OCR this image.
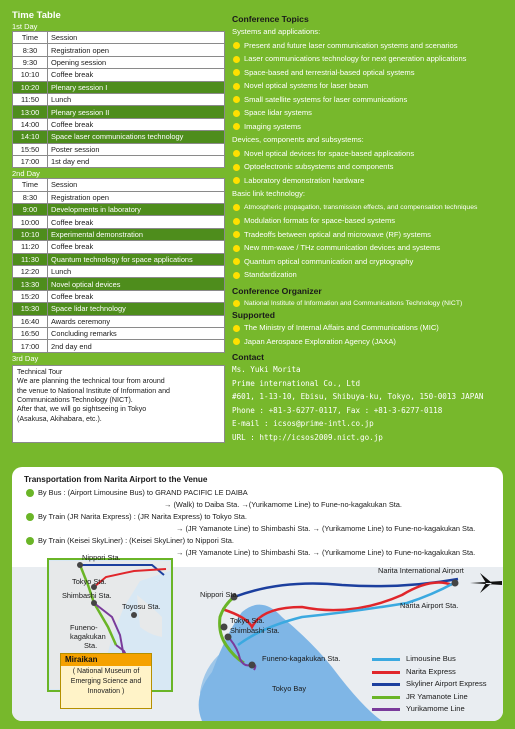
Time Table
1st Day
Time	Session
8:30	Registration open
9:30	Opening session
10:10	Coffee break
10:20	Plenary session I
11:50	Lunch
13:00	Plenary session II
14:00	Coffee break
14:10	Space laser communications technology
15:50	Poster session
17:00	1st day end
2nd Day
Time	Session
8:30	Registration open
9:00	Developments in laboratory
10:00	Coffee break
10:10	Experimental demonstration
11:20	Coffee break
11:30	Quantum technology for space applications
12:20	Lunch
13:30	Novel optical devices
15:20	Coffee break
15:30	Space lidar technology
16:40	Awards ceremony
16:50	Concluding remarks
17:00	2nd day end
3rd Day
Technical Tour
We are planning the technical tour from around
the venue to National Institute of Information and
Communications Technology (NICT).
After that, we will go sightseeing in Tokyo
(Asakusa, Akihabara, etc.).
Conference Topics
Systems and applications:
Present and future laser communication systems and scenarios
Laser communications technology for next generation applications
Space-based and terrestrial-based optical systems
Novel optical systems for laser beam
Small satellite systems for laser communications
Space lidar systems
Imaging systems
Devices, components and subsystems:
Novel optical devices for space-based applications
Optoelectronic subsystems and components
Laboratory demonstration hardware
Basic link technology:
Atmospheric propagation, transmission effects, and compensation techniques
Modulation formats for space-based systems
Tradeoffs between optical and microwave (RF) systems
New mm-wave / THz communication devices and systems
Quantum optical communication and cryptography
Standardization
Conference Organizer
National Institute of Information and Communications Technology (NICT)
Supported
The Ministry of Internal Affairs and Communications (MIC)
Japan Aerospace Exploration Agency (JAXA)
Contact
Ms. Yuki Morita
Prime international Co., Ltd
#601, 1-13-10, Ebisu, Shibuya-ku, Tokyo, 150-0013 JAPAN
Phone : +81-3-6277-0117, Fax : +81-3-6277-0118
E-mail : icsos@prime-intl.co.jp
URL : http://icsos2009.nict.go.jp
Transportation from Narita Airport to the Venue
By Bus : (Airport Limousine Bus) to GRAND PACIFIC LE DAIBA
→ (Walk) to Daiba Sta. →(Yurikamome Line) to Fune-no-kagakukan Sta.
By Train (JR Narita Express) : (JR Narita Express) to Tokyo Sta.
→ (JR Yamanote Line) to Shimbashi Sta. → (Yurikamome Line) to Fune-no-kagakukan Sta.
By Train (Keisei SkyLiner) : (Keisei SkyLiner) to Nippori Sta.
→ (JR Yamanote Line) to Shimbashi Sta. → (Yurikamome Line) to Fune-no-kagakukan Sta.
Nippori Sta.
Tokyo Sta.
Shimbashi Sta.
Toyosu Sta.
Funeno-
kagakukan
Sta.
Narita International Airport
Narita Airport Sta.
Nippori Sta.
Tokyo Sta.
Shimbashi Sta.
Funeno-kagakukan Sta.
Tokyo Bay
Miraikan
( National Museum of
Emerging Science and
Innovation )
Limousine Bus
Narita Express
Skyliner Airport Express
JR Yamanote Line
Yurikamome Line
